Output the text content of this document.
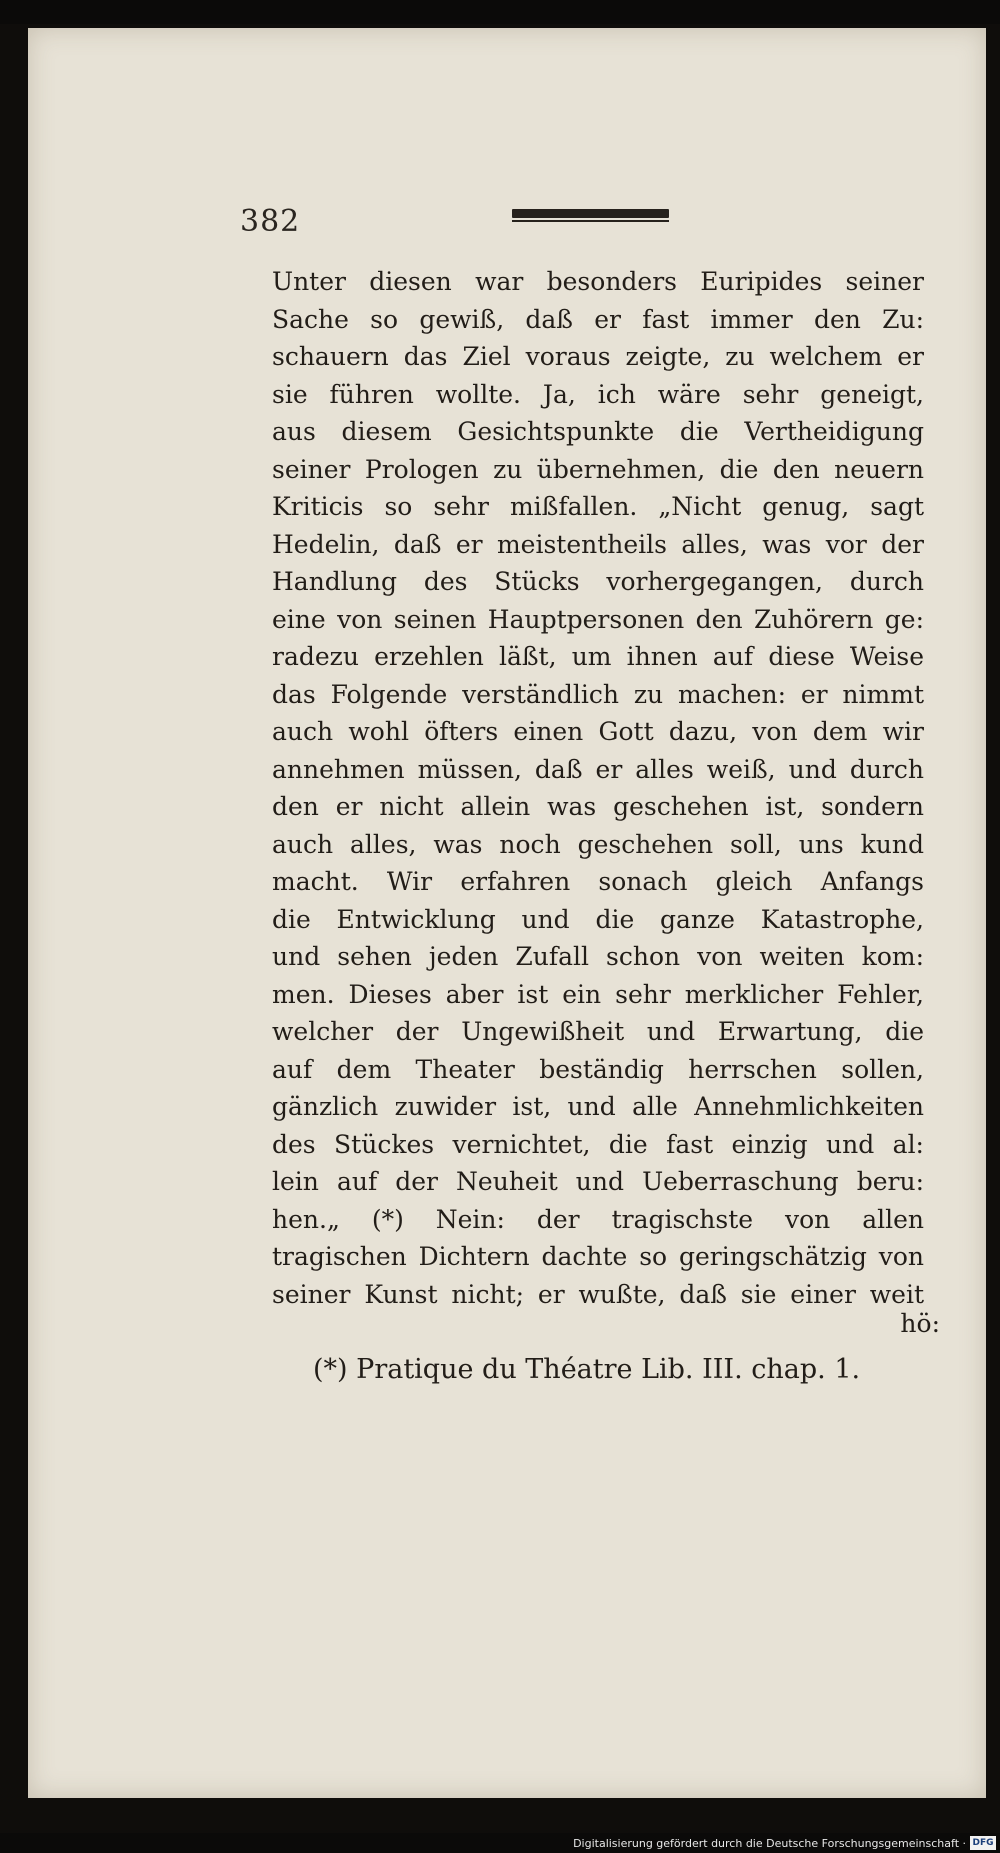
382
Unter diesen war besonders Euripides seiner
Sache so gewiß, daß er fast immer den Zu:
schauern das Ziel voraus zeigte, zu welchem er
sie führen wollte. Ja, ich wäre sehr geneigt,
aus diesem Gesichtspunkte die Vertheidigung
seiner Prologen zu übernehmen, die den neuern
Kriticis so sehr mißfallen. „Nicht genug, sagt
Hedelin, daß er meistentheils alles, was vor der
Handlung des Stücks vorhergegangen, durch
eine von seinen Hauptpersonen den Zuhörern ge:
radezu erzehlen läßt, um ihnen auf diese Weise
das Folgende verständlich zu machen: er nimmt
auch wohl öfters einen Gott dazu, von dem wir
annehmen müssen, daß er alles weiß, und durch
den er nicht allein was geschehen ist, sondern
auch alles, was noch geschehen soll, uns kund
macht. Wir erfahren sonach gleich Anfangs
die Entwicklung und die ganze Katastrophe,
und sehen jeden Zufall schon von weiten kom:
men. Dieses aber ist ein sehr merklicher Fehler,
welcher der Ungewißheit und Erwartung, die
auf dem Theater beständig herrschen sollen,
gänzlich zuwider ist, und alle Annehmlichkeiten
des Stückes vernichtet, die fast einzig und al:
lein auf der Neuheit und Ueberraschung beru:
hen.„ (*) Nein: der tragischste von allen
tragischen Dichtern dachte so geringschätzig von
seiner Kunst nicht; er wußte, daß sie einer weit
hö:
(*) Pratique du Théatre Lib. III. chap. 1.
Digitalisierung gefördert durch die Deutsche Forschungsgemeinschaft · DFG
